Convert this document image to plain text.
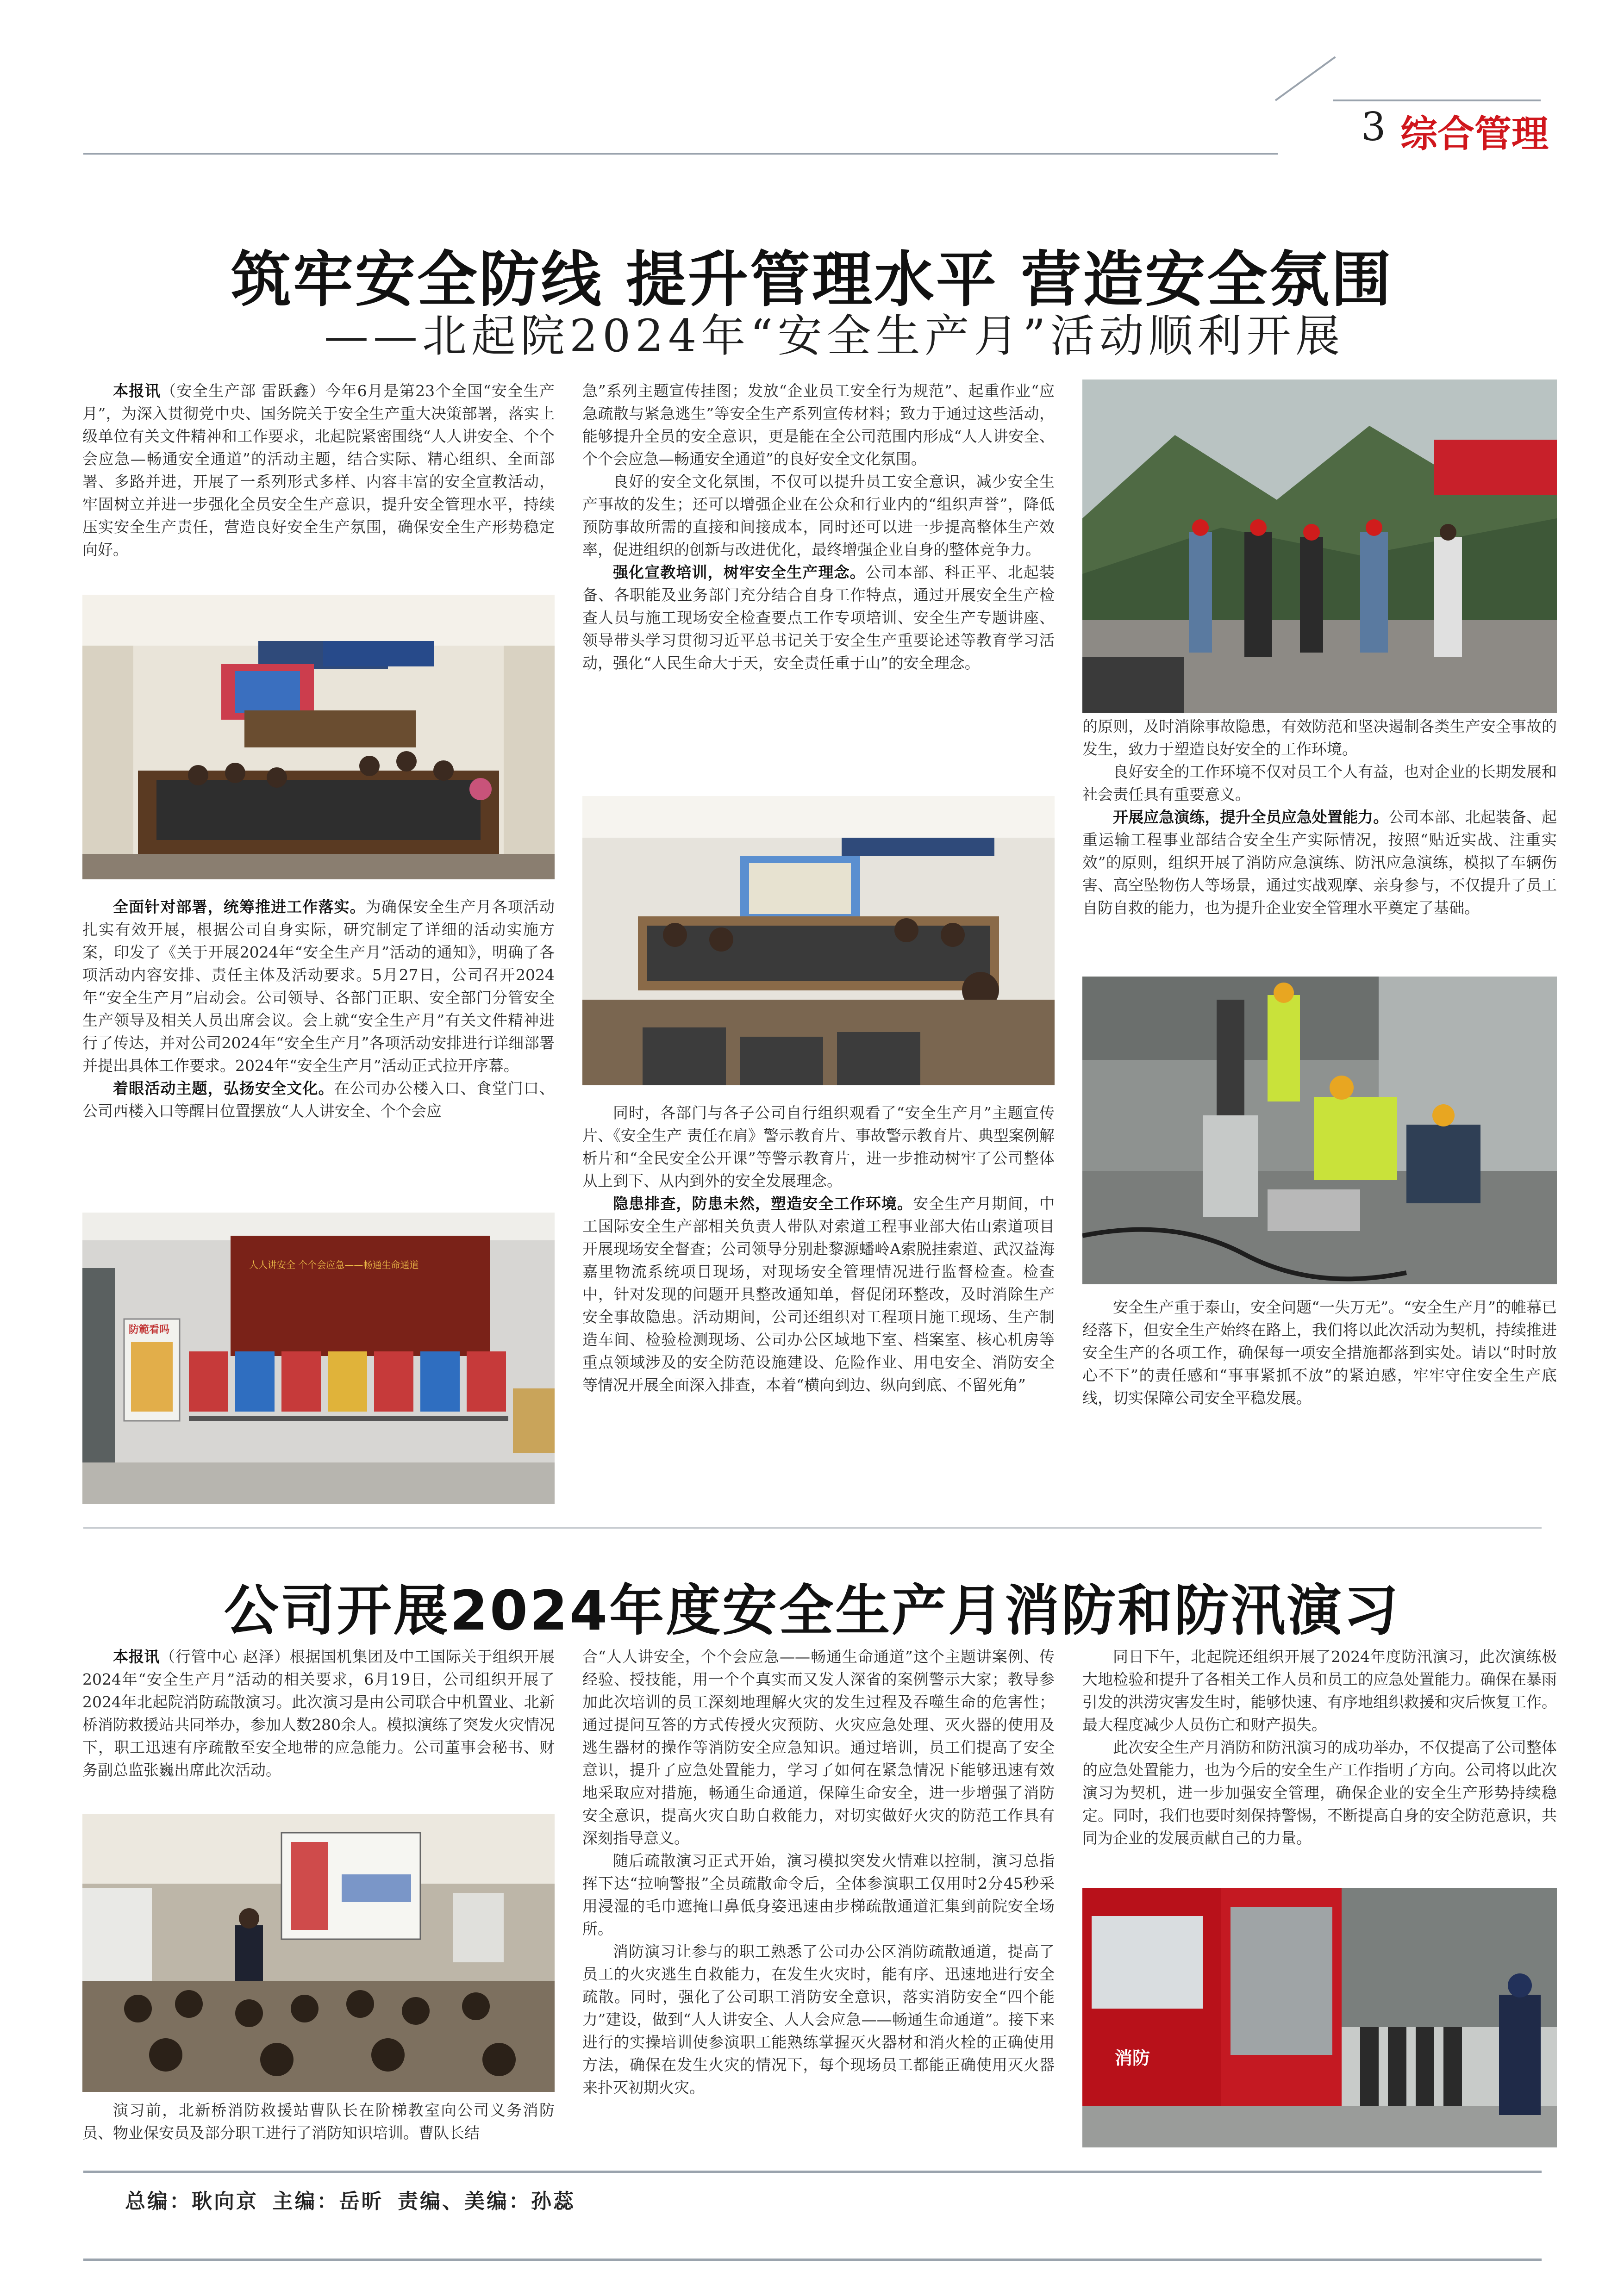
3 综合管理
筑牢安全防线 提升管理水平 营造安全氛围
——北起院2024年“安全生产月”活动顺利开展

本报讯（安全生产部 雷跃鑫）今年6月是第23个全国“安全生产月”，为深入贯彻党中央、国务院关于安全生产重大决策部署，落实上级单位有关文件精神和工作要求，北起院紧密围绕“人人讲安全、个个会应急—畅通安全通道”的活动主题，结合实际、精心组织、全面部署、多路并进，开展了一系列形式多样、内容丰富的安全宣教活动，牢固树立并进一步强化全员安全生产意识，提升安全管理水平，持续压实安全生产责任，营造良好安全生产氛围，确保安全生产形势稳定向好。

全面针对部署，统筹推进工作落实。为确保安全生产月各项活动扎实有效开展，根据公司自身实际，研究制定了详细的活动实施方案，印发了《关于开展2024年“安全生产月”活动的通知》，明确了各项活动内容安排、责任主体及活动要求。5月27日，公司召开2024年“安全生产月”启动会。公司领导、各部门正职、安全部门分管安全生产领导及相关人员出席会议。会上就“安全生产月”有关文件精神进行了传达，并对公司2024年“安全生产月”各项活动安排进行详细部署并提出具体工作要求。2024年“安全生产月”活动正式拉开序幕。

着眼活动主题，弘扬安全文化。在公司办公楼入口、食堂门口、公司西楼入口等醒目位置摆放“人人讲安全、个个会应

人人讲安全 个个会应急——畅通生命通道
防範看吗

急”系列主题宣传挂图；发放“企业员工安全行为规范”、起重作业“应急疏散与紧急逃生”等安全生产系列宣传材料；致力于通过这些活动，能够提升全员的安全意识，更是能在全公司范围内形成“人人讲安全、个个会应急—畅通安全通道”的良好安全文化氛围。

良好的安全文化氛围，不仅可以提升员工安全意识，减少安全生产事故的发生；还可以增强企业在公众和行业内的“组织声誉”，降低预防事故所需的直接和间接成本，同时还可以进一步提高整体生产效率，促进组织的创新与改进优化，最终增强企业自身的整体竞争力。

强化宣教培训，树牢安全生产理念。公司本部、科正平、北起装备、各职能及业务部门充分结合自身工作特点，通过开展安全生产检查人员与施工现场安全检查要点工作专项培训、安全生产专题讲座、领导带头学习贯彻习近平总书记关于安全生产重要论述等教育学习活动，强化“人民生命大于天，安全责任重于山”的安全理念。

同时，各部门与各子公司自行组织观看了“安全生产月”主题宣传片、《安全生产 责任在肩》警示教育片、事故警示教育片、典型案例解析片和“全民安全公开课”等警示教育片，进一步推动树牢了公司整体从上到下、从内到外的安全发展理念。

隐患排查，防患未然，塑造安全工作环境。安全生产月期间，中工国际安全生产部相关负责人带队对索道工程事业部大佑山索道项目开展现场安全督查；公司领导分别赴黎源蟠岭A索脱挂索道、武汉益海嘉里物流系统项目现场，对现场安全管理情况进行监督检查。检查中，针对发现的问题开具整改通知单，督促闭环整改，及时消除生产安全事故隐患。活动期间，公司还组织对工程项目施工现场、生产制造车间、检验检测现场、公司办公区域地下室、档案室、核心机房等重点领域涉及的安全防范设施建设、危险作业、用电安全、消防安全等情况开展全面深入排查，本着“横向到边、纵向到底、不留死角”

的原则，及时消除事故隐患，有效防范和坚决遏制各类生产安全事故的发生，致力于塑造良好安全的工作环境。

良好安全的工作环境不仅对员工个人有益，也对企业的长期发展和社会责任具有重要意义。

开展应急演练，提升全员应急处置能力。公司本部、北起装备、起重运输工程事业部结合安全生产实际情况，按照“贴近实战、注重实效”的原则，组织开展了消防应急演练、防汛应急演练，模拟了车辆伤害、高空坠物伤人等场景，通过实战观摩、亲身参与，不仅提升了员工自防自救的能力，也为提升企业安全管理水平奠定了基础。

安全生产重于泰山，安全问题“一失万无”。“安全生产月”的帷幕已经落下，但安全生产始终在路上，我们将以此次活动为契机，持续推进安全生产的各项工作，确保每一项安全措施都落到实处。请以“时时放心不下”的责任感和“事事紧抓不放”的紧迫感，牢牢守住安全生产底线，切实保障公司安全平稳发展。

公司开展2024年度安全生产月消防和防汛演习

本报讯（行管中心 赵泽）根据国机集团及中工国际关于组织开展2024年“安全生产月”活动的相关要求，6月19日，公司组织开展了2024年北起院消防疏散演习。此次演习是由公司联合中机置业、北新桥消防救援站共同举办，参加人数280余人。模拟演练了突发火灾情况下，职工迅速有序疏散至安全地带的应急能力。公司董事会秘书、财务副总监张巍出席此次活动。

演习前，北新桥消防救援站曹队长在阶梯教室向公司义务消防员、物业保安员及部分职工进行了消防知识培训。曹队长结

合“人人讲安全，个个会应急——畅通生命通道”这个主题讲案例、传经验、授技能，用一个个真实而又发人深省的案例警示大家；教导参加此次培训的员工深刻地理解火灾的发生过程及吞噬生命的危害性；通过提问互答的方式传授火灾预防、火灾应急处理、灭火器的使用及逃生器材的操作等消防安全应急知识。通过培训，员工们提高了安全意识，提升了应急处置能力，学习了如何在紧急情况下能够迅速有效地采取应对措施，畅通生命通道，保障生命安全，进一步增强了消防安全意识，提高火灾自助自救能力，对切实做好火灾的防范工作具有深刻指导意义。

随后疏散演习正式开始，演习模拟突发火情难以控制，演习总指挥下达“拉响警报”全员疏散命令后，全体参演职工仅用时2分45秒采用浸湿的毛巾遮掩口鼻低身姿迅速由步梯疏散通道汇集到前院安全场所。

消防演习让参与的职工熟悉了公司办公区消防疏散通道，提高了员工的火灾逃生自救能力，在发生火灾时，能有序、迅速地进行安全疏散。同时，强化了公司职工消防安全意识，落实消防安全“四个能力”建设，做到“人人讲安全、人人会应急——畅通生命通道”。接下来进行的实操培训使参演职工能熟练掌握灭火器材和消火栓的正确使用方法，确保在发生火灾的情况下，每个现场员工都能正确使用灭火器来扑灭初期火灾。

同日下午，北起院还组织开展了2024年度防汛演习，此次演练极大地检验和提升了各相关工作人员和员工的应急处置能力。确保在暴雨引发的洪涝灾害发生时，能够快速、有序地组织救援和灾后恢复工作。最大程度减少人员伤亡和财产损失。

此次安全生产月消防和防汛演习的成功举办，不仅提高了公司整体的应急处置能力，也为今后的安全生产工作指明了方向。公司将以此次演习为契机，进一步加强安全管理，确保企业的安全生产形势持续稳定。同时，我们也要时刻保持警惕，不断提高自身的安全防范意识，共同为企业的发展贡献自己的力量。

消防
总编：耿向京 主编：岳昕 责编、美编：孙蕊
